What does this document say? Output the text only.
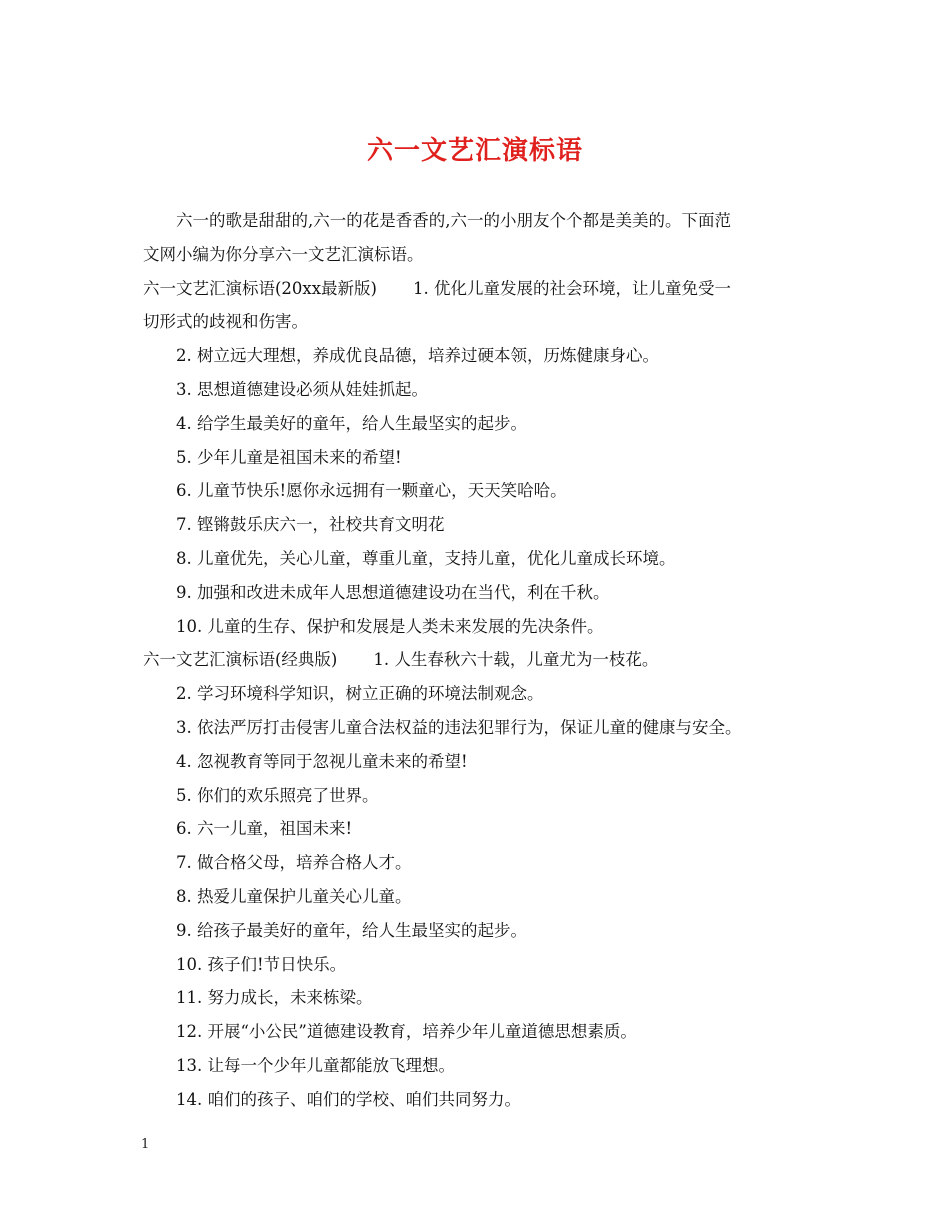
六一文艺汇演标语

六一的歌是甜甜的,六一的花是香香的,六一的小朋友个个都是美美的。下面范

文网小编为你分享六一文艺汇演标语。

六一文艺汇演标语(20xx最新版) 1. 优化儿童发展的社会环境，让儿童免受一

切形式的歧视和伤害。

2. 树立远大理想，养成优良品德，培养过硬本领，历炼健康身心。

3. 思想道德建设必须从娃娃抓起。

4. 给学生最美好的童年，给人生最坚实的起步。

5. 少年儿童是祖国未来的希望!

6. 儿童节快乐!愿你永远拥有一颗童心，天天笑哈哈。

7. 铿锵鼓乐庆六一，社校共育文明花

8. 儿童优先，关心儿童，尊重儿童，支持儿童，优化儿童成长环境。

9. 加强和改进未成年人思想道德建设功在当代，利在千秋。

10. 儿童的生存、保护和发展是人类未来发展的先决条件。

六一文艺汇演标语(经典版) 1. 人生春秋六十载，儿童尤为一枝花。

2. 学习环境科学知识，树立正确的环境法制观念。

3. 依法严厉打击侵害儿童合法权益的违法犯罪行为，保证儿童的健康与安全。

4. 忽视教育等同于忽视儿童未来的希望!

5. 你们的欢乐照亮了世界。

6. 六一儿童，祖国未来!

7. 做合格父母，培养合格人才。

8. 热爱儿童保护儿童关心儿童。

9. 给孩子最美好的童年，给人生最坚实的起步。

10. 孩子们!节日快乐。

11. 努力成长，未来栋梁。

12. 开展“小公民”道德建设教育，培养少年儿童道德思想素质。

13. 让每一个少年儿童都能放飞理想。

14. 咱们的孩子、咱们的学校、咱们共同努力。

1
